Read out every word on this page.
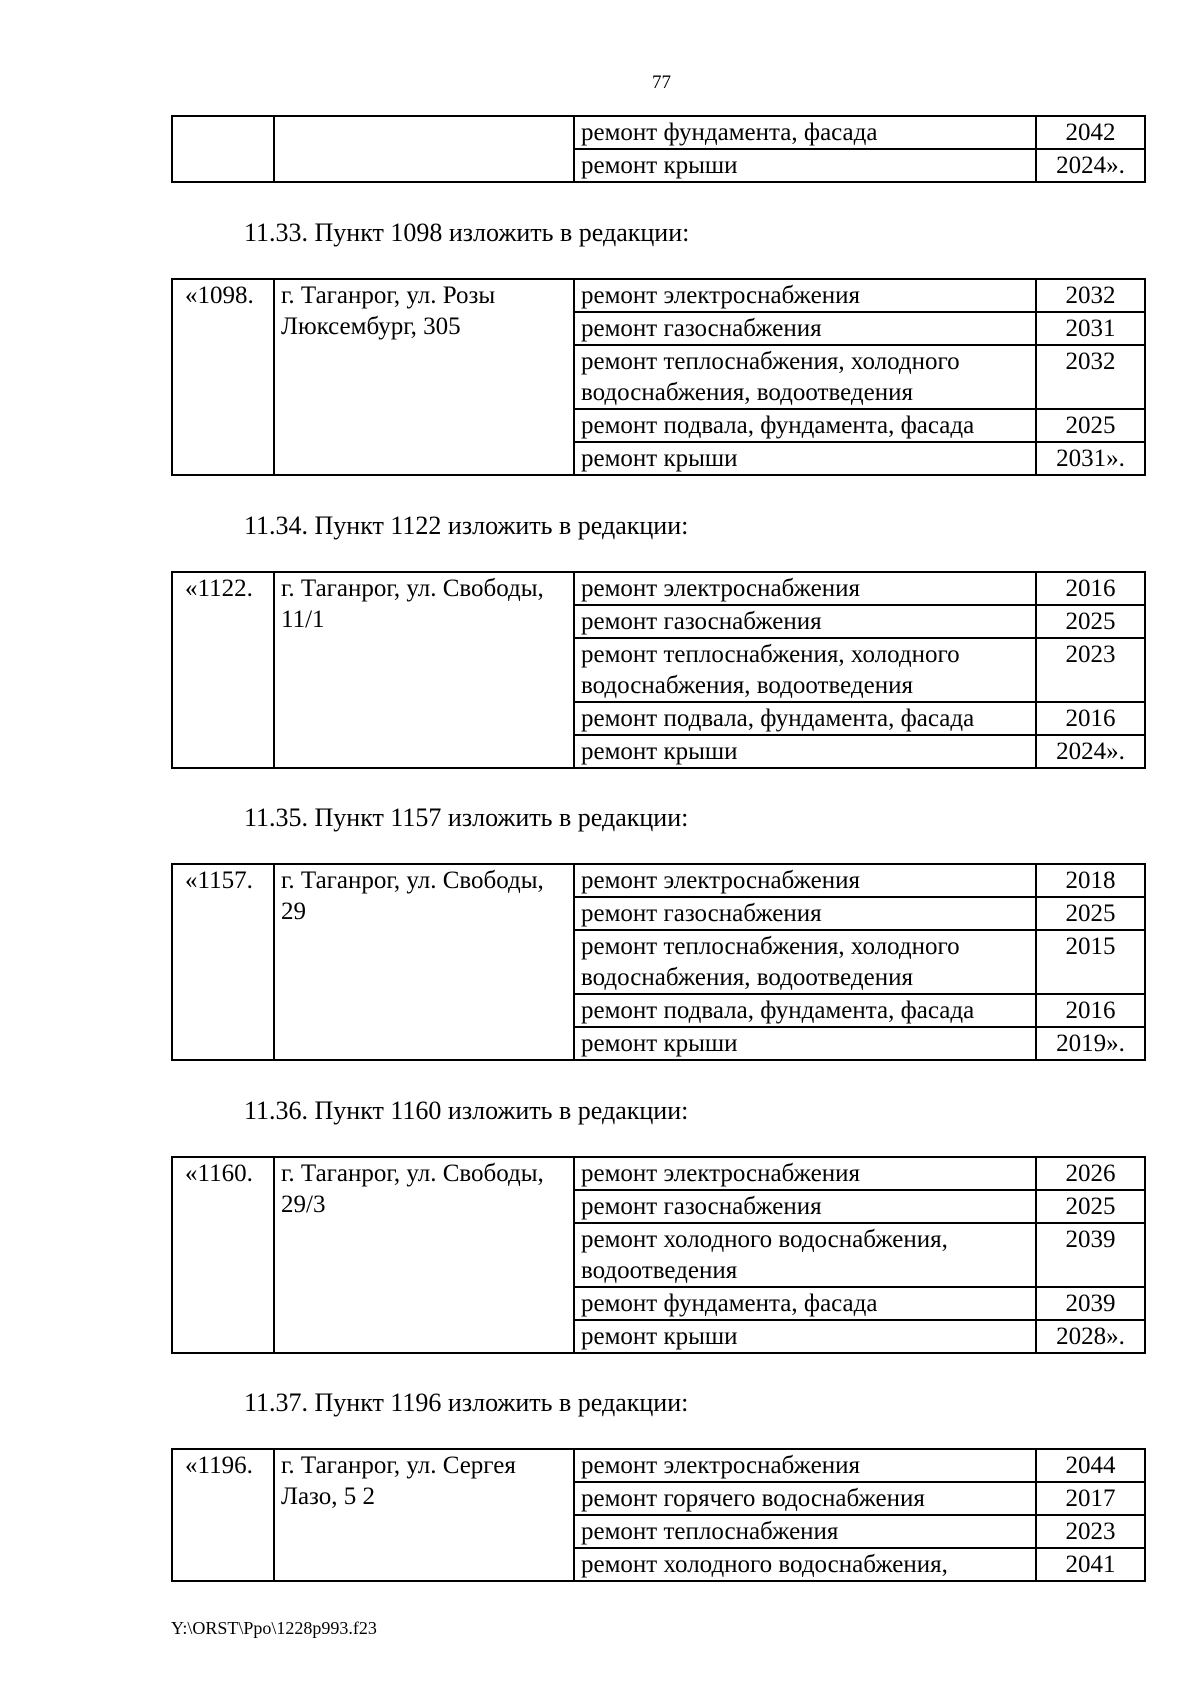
77
		ремонт фундамента, фасада	2042
		ремонт крыши	2024».
11.33. Пункт 1098 изложить в редакции:
«1098.	г. Таганрог, ул. Розы Люксембург, 305	ремонт электроснабжения	2032
		ремонт газоснабжения	2031
		ремонт теплоснабжения, холодного водоснабжения, водоотведения	2032
		ремонт подвала, фундамента, фасада	2025
		ремонт крыши	2031».
11.34. Пункт 1122 изложить в редакции:
«1122.	г. Таганрог, ул. Свободы, 11/1	ремонт электроснабжения	2016
		ремонт газоснабжения	2025
		ремонт теплоснабжения, холодного водоснабжения, водоотведения	2023
		ремонт подвала, фундамента, фасада	2016
		ремонт крыши	2024».
11.35. Пункт 1157 изложить в редакции:
«1157.	г. Таганрог, ул. Свободы, 29	ремонт электроснабжения	2018
		ремонт газоснабжения	2025
		ремонт теплоснабжения, холодного водоснабжения, водоотведения	2015
		ремонт подвала, фундамента, фасада	2016
		ремонт крыши	2019».
11.36. Пункт 1160 изложить в редакции:
«1160.	г. Таганрог, ул. Свободы, 29/3	ремонт электроснабжения	2026
		ремонт газоснабжения	2025
		ремонт холодного водоснабжения, водоотведения	2039
		ремонт фундамента, фасада	2039
		ремонт крыши	2028».
11.37. Пункт 1196 изложить в редакции:
«1196.	г. Таганрог, ул. Сергея Лазо, 5 2	ремонт электроснабжения	2044
		ремонт горячего водоснабжения	2017
		ремонт теплоснабжения	2023
		ремонт холодного водоснабжения,	2041
Y:\ORST\Ppo\1228p993.f23
